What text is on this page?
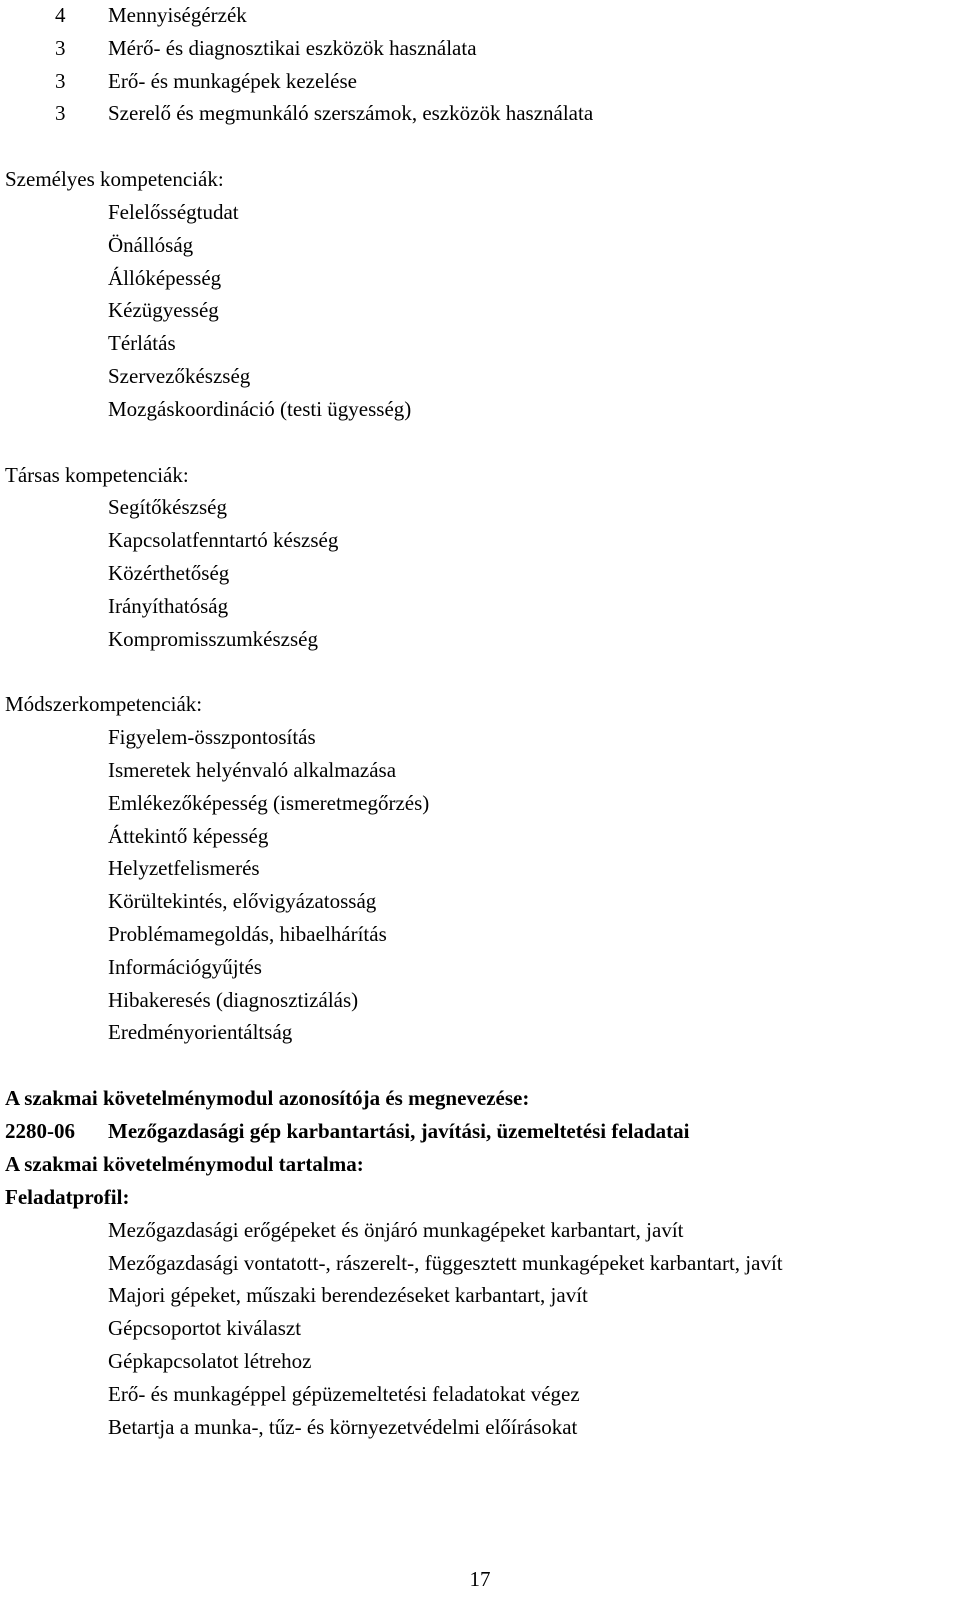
4 Mennyiségérzék
3 Mérő- és diagnosztikai eszközök használata
3 Erő- és munkagépek kezelése
3 Szerelő és megmunkáló szerszámok, eszközök használata
Személyes kompetenciák:
Felelősségtudat
Önállóság
Állóképesség
Kézügyesség
Térlátás
Szervezőkészség
Mozgáskoordináció (testi ügyesség)
Társas kompetenciák:
Segítőkészség
Kapcsolatfenntartó készség
Közérthetőség
Irányíthatóság
Kompromisszumkészség
Módszerkompetenciák:
Figyelem-összpontosítás
Ismeretek helyénvaló alkalmazása
Emlékezőképesség (ismeretmegőrzés)
Áttekintő képesség
Helyzetfelismerés
Körültekintés, elővigyázatosság
Problémamegoldás, hibaelhárítás
Információgyűjtés
Hibakeresés (diagnosztizálás)
Eredményorientáltság
A szakmai követelménymodul azonosítója és megnevezése:
2280-06 Mezőgazdasági gép karbantartási, javítási, üzemeltetési feladatai
A szakmai követelménymodul tartalma:
Feladatprofil:
Mezőgazdasági erőgépeket és önjáró munkagépeket karbantart, javít
Mezőgazdasági vontatott-, rászerelt-, függesztett munkagépeket karbantart, javít
Majori gépeket, műszaki berendezéseket karbantart, javít
Gépcsoportot kiválaszt
Gépkapcsolatot létrehoz
Erő- és munkagéppel gépüzemeltetési feladatokat végez
Betartja a munka-, tűz- és környezetvédelmi előírásokat
17
